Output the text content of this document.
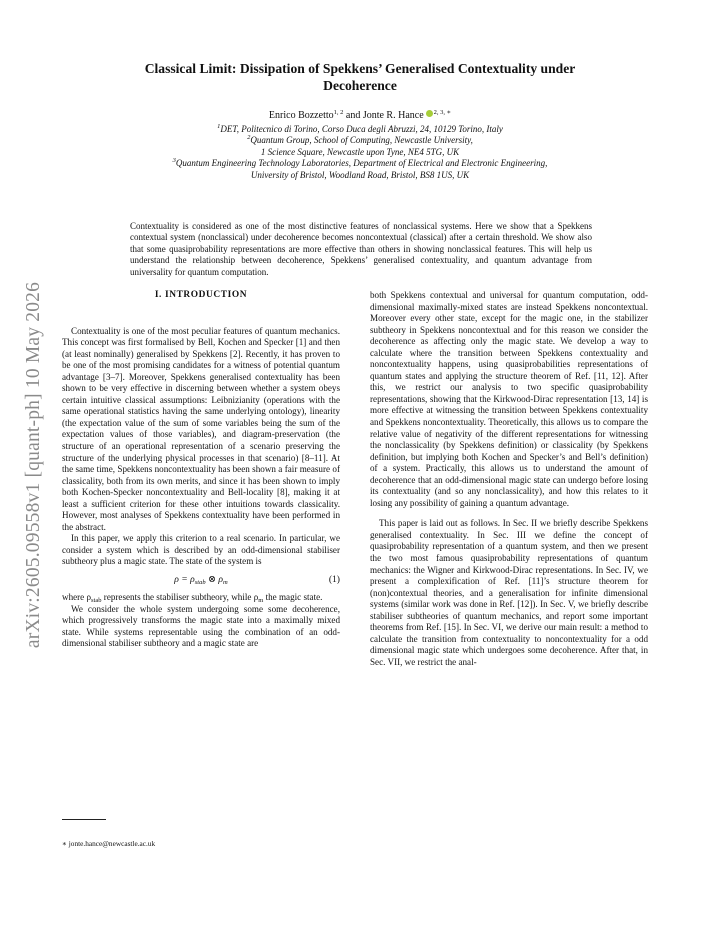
arXiv:2605.09558v1 [quant-ph] 10 May 2026
Classical Limit: Dissipation of Spekkens’ Generalised Contextuality under
Decoherence
Enrico Bozzetto$^{1, 2}$ and Jonte R. Hance $^{2, 3, ∗}$
$^1$DET, Politecnico di Torino, Corso Duca degli Abruzzi, 24, 10129 Torino, Italy
$^2$Quantum Group, School of Computing, Newcastle University,
1 Science Square, Newcastle upon Tyne, NE4 5TG, UK
$^3$Quantum Engineering Technology Laboratories, Department of Electrical and Electronic Engineering,
University of Bristol, Woodland Road, Bristol, BS8 1US, UK
Contextuality is considered as one of the most distinctive features of nonclassical systems. Here we show that a Spekkens contextual system (nonclassical) under decoherence becomes noncontextual (classical) after a certain threshold. We show also that some quasiprobability representations are more effective than others in showing nonclassical features. This will help us understand the relationship between decoherence, Spekkens’ generalised contextuality, and quantum advantage from universality for quantum computation.
I. INTRODUCTION

Contextuality is one of the most peculiar features of quantum mechanics. This concept was first formalised by Bell, Kochen and Specker [1] and then (at least nominally) generalised by Spekkens [2]. Recently, it has proven to be one of the most promising candidates for a witness of potential quantum advantage [3–7]. Moreover, Spekkens generalised contextuality has been shown to be very effective in discerning between whether a system obeys certain intuitive classical assumptions: Leibnizianity (operations with the same operational statistics having the same underlying ontology), linearity (the expectation value of the sum of some variables being the sum of the expectation values of those variables), and diagram-preservation (the structure of an operational representation of a scenario preserving the structure of the underlying physical processes in that scenario) [8–11]. At the same time, Spekkens noncontextuality has been shown a fair measure of classicality, both from its own merits, and since it has been shown to imply both Kochen-Specker noncontextuality and Bell-locality [8], making it at least a sufficient criterion for these other intuitions towards classicality. However, most analyses of Spekkens contextuality have been performed in the abstract.

In this paper, we apply this criterion to a real scenario. In particular, we consider a system which is described by an odd-dimensional stabiliser subtheory plus a magic state. The state of the system is

$\rho = \rho_{stab}$ ⊗ $\rho_m$	(1)

where $\rho_{stab}$ represents the stabiliser subtheory, while $\rho_m$ the magic state.

We consider the whole system undergoing some some decoherence, which progressively transforms the magic state into a maximally mixed state. While systems representable using the combination of an odd-dimensional stabiliser subtheory and a magic state are

both Spekkens contextual and universal for quantum computation, odd-dimensional maximally-mixed states are instead Spekkens noncontextual. Moreover every other state, except for the magic one, in the stabilizer subtheory in Spekkens noncontextual and for this reason we consider the decoherence as affecting only the magic state. We develop a way to calculate where the transition between Spekkens contextuality and noncontextuality happens, using quasiprobabilities representations of quantum states and applying the structure theorem of Ref. [11, 12]. After this, we restrict our analysis to two specific quasiprobability representations, showing that the Kirkwood-Dirac representation [13, 14] is more effective at witnessing the transition between Spekkens contextuality and Spekkens noncontextuality. Theoretically, this allows us to compare the relative value of negativity of the different representations for witnessing the nonclassicality (by Spekkens definition) or classicality (by Spekkens definition, but implying both Kochen and Specker’s and Bell’s definition) of a system. Practically, this allows us to understand the amount of decoherence that an odd-dimensional magic state can undergo before losing its contextuality (and so any nonclassicality), and how this relates to it losing any possibility of gaining a quantum advantage.

This paper is laid out as follows. In Sec. II we briefly describe Spekkens generalised contextuality. In Sec. III we define the concept of quasiprobability representation of a quantum system, and then we present the two most famous quasiprobability representations of quantum mechanics: the Wigner and Kirkwood-Dirac representations. In Sec. IV, we present a complexification of Ref. [11]’s structure theorem for (non)contextual theories, and a generalisation for infinite dimensional systems (similar work was done in Ref. [12]). In Sec. V, we briefly describe stabiliser subtheories of quantum mechanics, and report some important theorems from Ref. [15]. In Sec. VI, we derive our main result: a method to calculate the transition from contextuality to noncontextuality for a odd dimensional magic state which undergoes some decoherence. After that, in Sec. VII, we restrict the anal-

∗ jonte.hance@newcastle.ac.uk
